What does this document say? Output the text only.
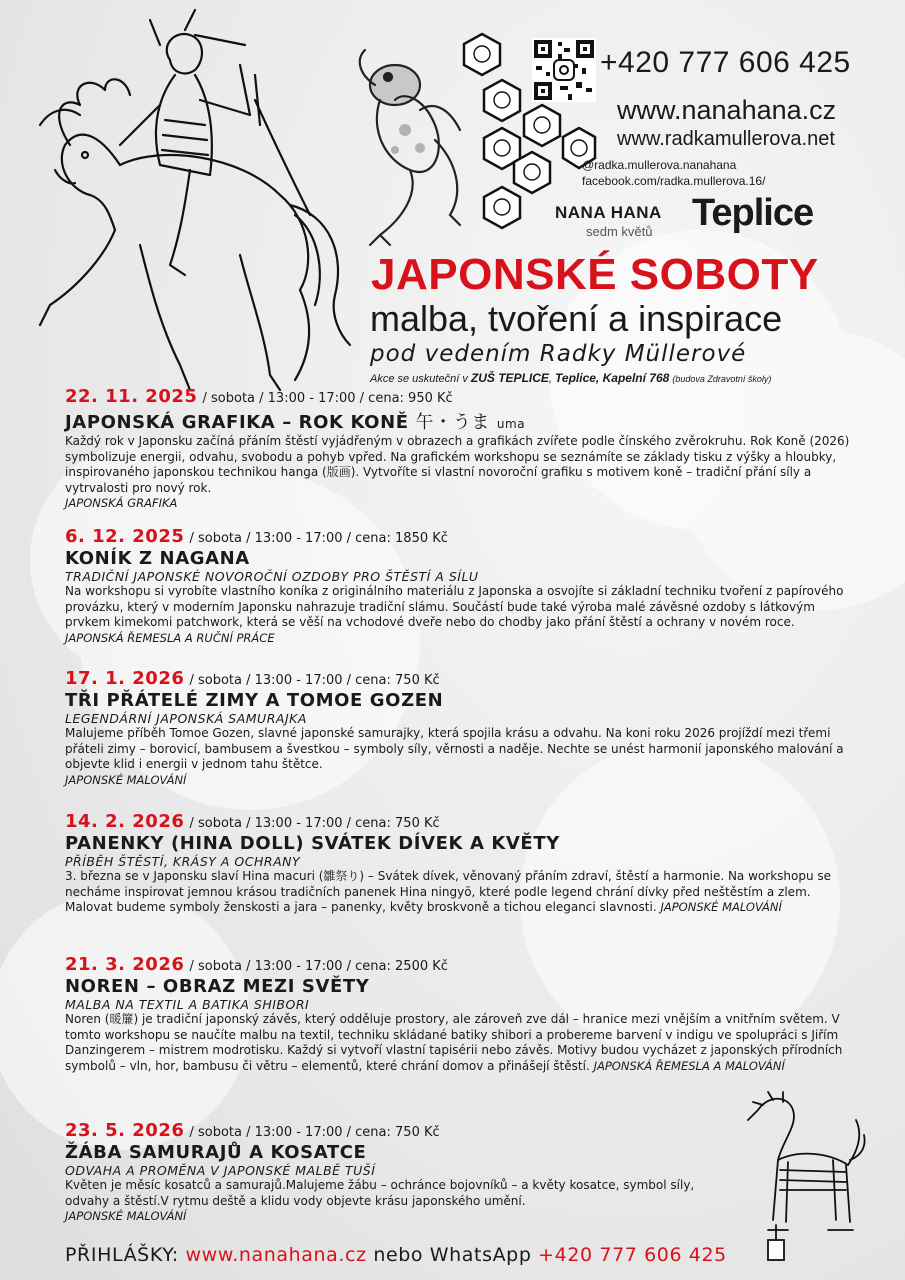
+420 777 606 425
www.nanahana.cz
www.radkamullerova.net
@radka.mullerova.nanahana
facebook.com/radka.mullerova.16/
NANA HANA
sedm květů Teplice
JAPONSKÉ SOBOTY
malba, tvoření a inspirace
pod vedením Radky Müllerové
Akce se uskuteční v ZUŠ TEPLICE, Teplice, Kapelní 768 (budova Zdravotní školy)
22. 11. 2025 / sobota / 13:00 - 17:00 / cena: 950 Kč
JAPONSKÁ GRAFIKA – ROK KONĚ 午・うま uma
Každý rok v Japonsku začíná přáním štěstí vyjádřeným v obrazech a grafikách zvířete podle čínského zvěrokruhu. Rok Koně (2026) symbolizuje energii, odvahu, svobodu a pohyb vpřed. Na grafickém workshopu se seznámíte se základy tisku z výšky a hloubky, inspirovaného japonskou technikou hanga (版画). Vytvoříte si vlastní novoroční grafiku s motivem koně – tradiční přání síly a vytrvalosti pro nový rok.
JAPONSKÁ GRAFIKA
6. 12. 2025 / sobota / 13:00 - 17:00 / cena: 1850 Kč
KONÍK Z NAGANA
TRADIČNÍ JAPONSKÉ NOVOROČNÍ OZDOBY PRO ŠTĚSTÍ A SÍLU
Na workshopu si vyrobíte vlastního koníka z originálního materiálu z Japonska a osvojíte si základní techniku tvoření z papírového provázku, který v moderním Japonsku nahrazuje tradiční slámu. Součástí bude také výroba malé závěsné ozdoby s látkovým prvkem kimekomi patchwork, která se věší na vchodové dveře nebo do chodby jako přání štěstí a ochrany v novém roce. JAPONSKÁ ŘEMESLA A RUČNÍ PRÁCE
17. 1. 2026 / sobota / 13:00 - 17:00 / cena: 750 Kč
TŘI PŘÁTELÉ ZIMY A TOMOE GOZEN
LEGENDÁRNÍ JAPONSKÁ SAMURAJKA
Malujeme příběh Tomoe Gozen, slavné japonské samurajky, která spojila krásu a odvahu. Na koni roku 2026 projíždí mezi třemi přáteli zimy – borovicí, bambusem a švestkou – symboly síly, věrnosti a naděje. Nechte se unést harmonií japonského malování a objevte klid i energii v jednom tahu štětce.
JAPONSKÉ MALOVÁNÍ
14. 2. 2026 / sobota / 13:00 - 17:00 / cena: 750 Kč
PANENKY (HINA DOLL) SVÁTEK DÍVEK A KVĚTY
PŘÍBĚH ŠTĚSTÍ, KRÁSY A OCHRANY
3. března se v Japonsku slaví Hina macuri (雛祭り) – Svátek dívek, věnovaný přáním zdraví, štěstí a harmonie. Na workshopu se necháme inspirovat jemnou krásou tradičních panenek Hina ningyō, které podle legend chrání dívky před neštěstím a zlem. Malovat budeme symboly ženskosti a jara – panenky, květy broskvoně a tichou eleganci slavnosti. JAPONSKÉ MALOVÁNÍ
21. 3. 2026 / sobota / 13:00 - 17:00 / cena: 2500 Kč
NOREN – OBRAZ MEZI SVĚTY
MALBA NA TEXTIL A BATIKA SHIBORI
Noren (暖簾) je tradiční japonský závěs, který odděluje prostory, ale zároveň zve dál – hranice mezi vnějším a vnitřním světem. V tomto workshopu se naučíte malbu na textil, techniku skládané batiky shibori a probereme barvení v indigu ve spolupráci s Jiřím Danzingerem – mistrem modrotisku. Každý si vytvoří vlastní tapisérii nebo závěs. Motivy budou vycházet z japonských přírodních symbolů – vln, hor, bambusu či větru – elementů, které chrání domov a přinášejí štěstí. JAPONSKÁ ŘEMESLA A MALOVÁNÍ
23. 5. 2026 / sobota / 13:00 - 17:00 / cena: 750 Kč
ŽÁBA SAMURAJŮ A KOSATCE
ODVAHA A PROMĚNA V JAPONSKÉ MALBĚ TUŠÍ
Květen je měsíc kosatců a samurajů.Malujeme žábu – ochránce bojovníků – a květy kosatce, symbol síly, odvahy a štěstí.V rytmu deště a klidu vody objevte krásu japonského umění.
JAPONSKÉ MALOVÁNÍ
PŘIHLÁŠKY: www.nanahana.cz nebo WhatsApp +420 777 606 425
